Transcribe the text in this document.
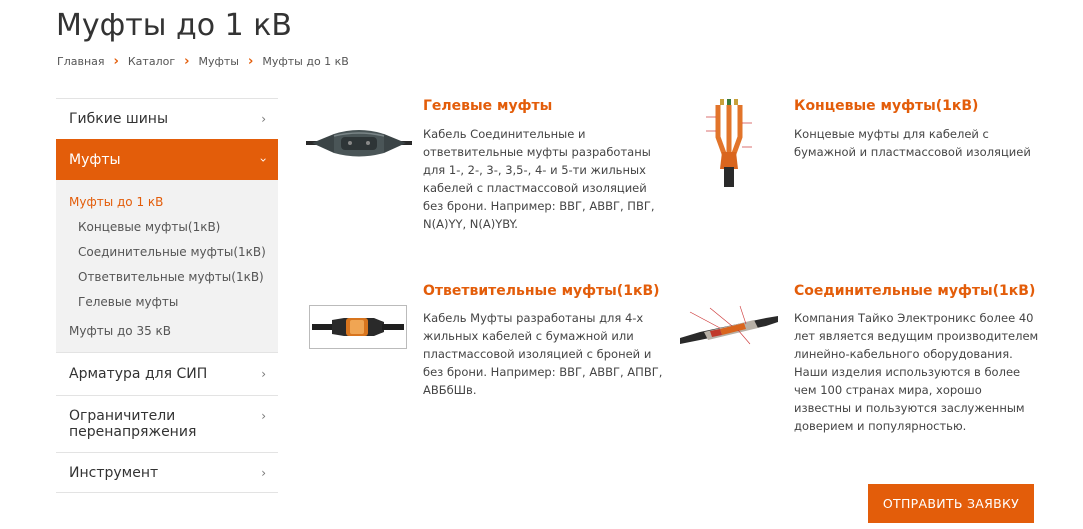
Муфты до 1 кВ
Главная › Каталог › Муфты › Муфты до 1 кВ
Гибкие шины	›
Муфты	›
Муфты до 1 кВ
Концевые муфты(1кВ)
Соединительные муфты(1кВ)
Ответвительные муфты(1кВ)
Гелевые муфты
Муфты до 35 кВ
Арматура для СИП	›
Ограничители перенапряжения
›
Инструмент	›
Гелевые муфты
Кабель Соединительные и ответвительные муфты разработаны для 1-, 2-, 3-, 3,5-, 4- и 5-ти жильных кабелей с пластмассовой изоляцией без брони. Например: ВВГ, АВВГ, ПВГ, N(A)YY, N(A)YBY.
Концевые муфты(1кВ)
Концевые муфты для кабелей с бумажной и пластмассовой изоляцией
Ответвительные муфты(1кВ)
Кабель Муфты разработаны для 4-х жильных кабелей с бумажной или пластмассовой изоляцией с броней и без брони. Например: ВВГ, АВВГ, АПВГ, АВБбШв.
Соединительные муфты(1кВ)
Компания Тайко Электроникс более 40 лет является ведущим производителем линейно-кабельного оборудования. Наши изделия используются в более чем 100 странах мира, хорошо известны и пользуются заслуженным доверием и популярностью.
ОТПРАВИТЬ ЗАЯВКУ
